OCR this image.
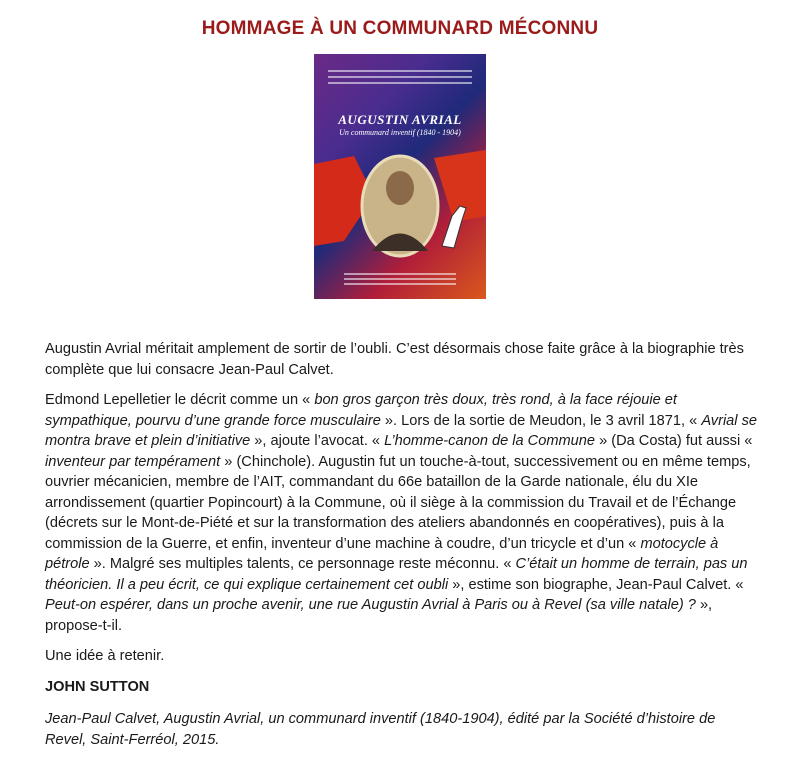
HOMMAGE À UN COMMUNARD MÉCONNU
AUGUSTIN AVRIAL
Un communard inventif (1840 - 1904)

Augustin Avrial méritait amplement de sortir de l’oubli. C’est désormais chose faite grâce à la biographie très complète que lui consacre Jean-Paul Calvet.

Edmond Lepelletier le décrit comme un « bon gros garçon très doux, très rond, à la face réjouie et sympathique, pourvu d’une grande force musculaire ». Lors de la sortie de Meudon, le 3 avril 1871, « Avrial se montra brave et plein d’initiative », ajoute l’avocat. « L’homme-canon de la Commune » (Da Costa) fut aussi « inventeur par tempérament » (Chinchole). Augustin fut un touche-à-tout, successivement ou en même temps, ouvrier mécanicien, membre de l’AIT, commandant du 66e bataillon de la Garde nationale, élu du XIe arrondissement (quartier Popincourt) à la Commune, où il siège à la commission du Travail et de l’Échange (décrets sur le Mont-de-Piété et sur la transformation des ateliers abandonnés en coopératives), puis à la commission de la Guerre, et enfin, inventeur d’une machine à coudre, d’un tricycle et d’un « motocycle à pétrole ». Malgré ses multiples talents, ce personnage reste méconnu. « C’était un homme de terrain, pas un théoricien. Il a peu écrit, ce qui explique certainement cet oubli », estime son biographe, Jean-Paul Calvet. « Peut-on espérer, dans un proche avenir, une rue Augustin Avrial à Paris ou à Revel (sa ville natale) ? », propose-t-il.

Une idée à retenir.

JOHN SUTTON

Jean-Paul Calvet, Augustin Avrial, un communard inventif (1840-1904), édité par la Société d’histoire de Revel, Saint-Ferréol, 2015.
